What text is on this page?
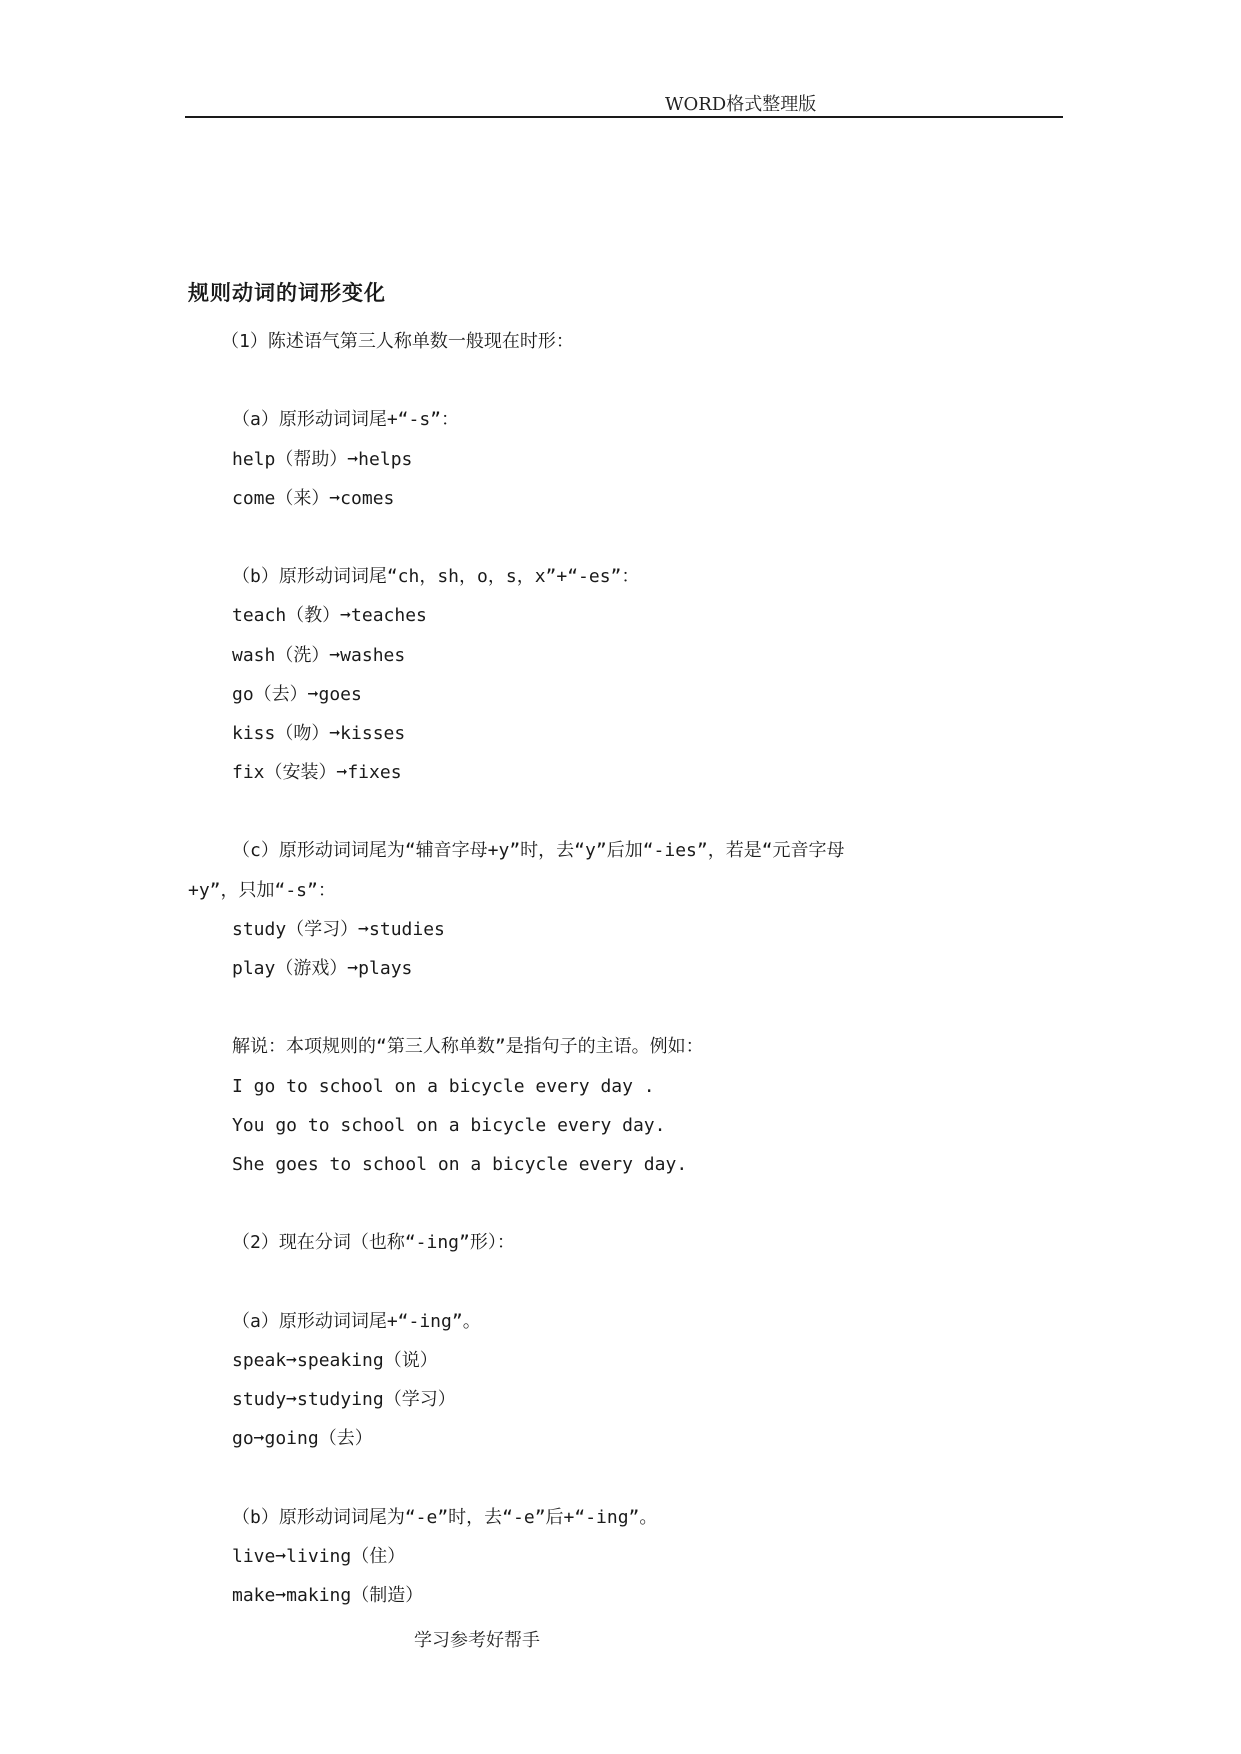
WORD格式整理版
规则动词的词形变化
（1）陈述语气第三人称单数一般现在时形：
（a）原形动词词尾+“-s”：
help（帮助）➞helps
come（来）➞comes
（b）原形动词词尾“ch，sh，o，s，x”+“-es”：
teach（教）➞teaches
wash（洗）➞washes
go（去）➞goes
kiss（吻）➞kisses
fix（安装）➞fixes
（c）原形动词词尾为“辅音字母+y”时，去“y”后加“-ies”，若是“元音字母
+y”，只加“-s”：
study（学习）➞studies
play（游戏）➞plays
解说：本项规则的“第三人称单数”是指句子的主语。例如：
I go to school on a bicycle every day .
You go to school on a bicycle every day.
She goes to school on a bicycle every day.
（2）现在分词（也称“-ing”形）：
（a）原形动词词尾+“-ing”。
speak➞speaking（说）
study➞studying（学习）
go➞going（去）
（b）原形动词词尾为“-e”时，去“-e”后+“-ing”。
live➞living（住）
make➞making（制造）
学习参考好帮手
